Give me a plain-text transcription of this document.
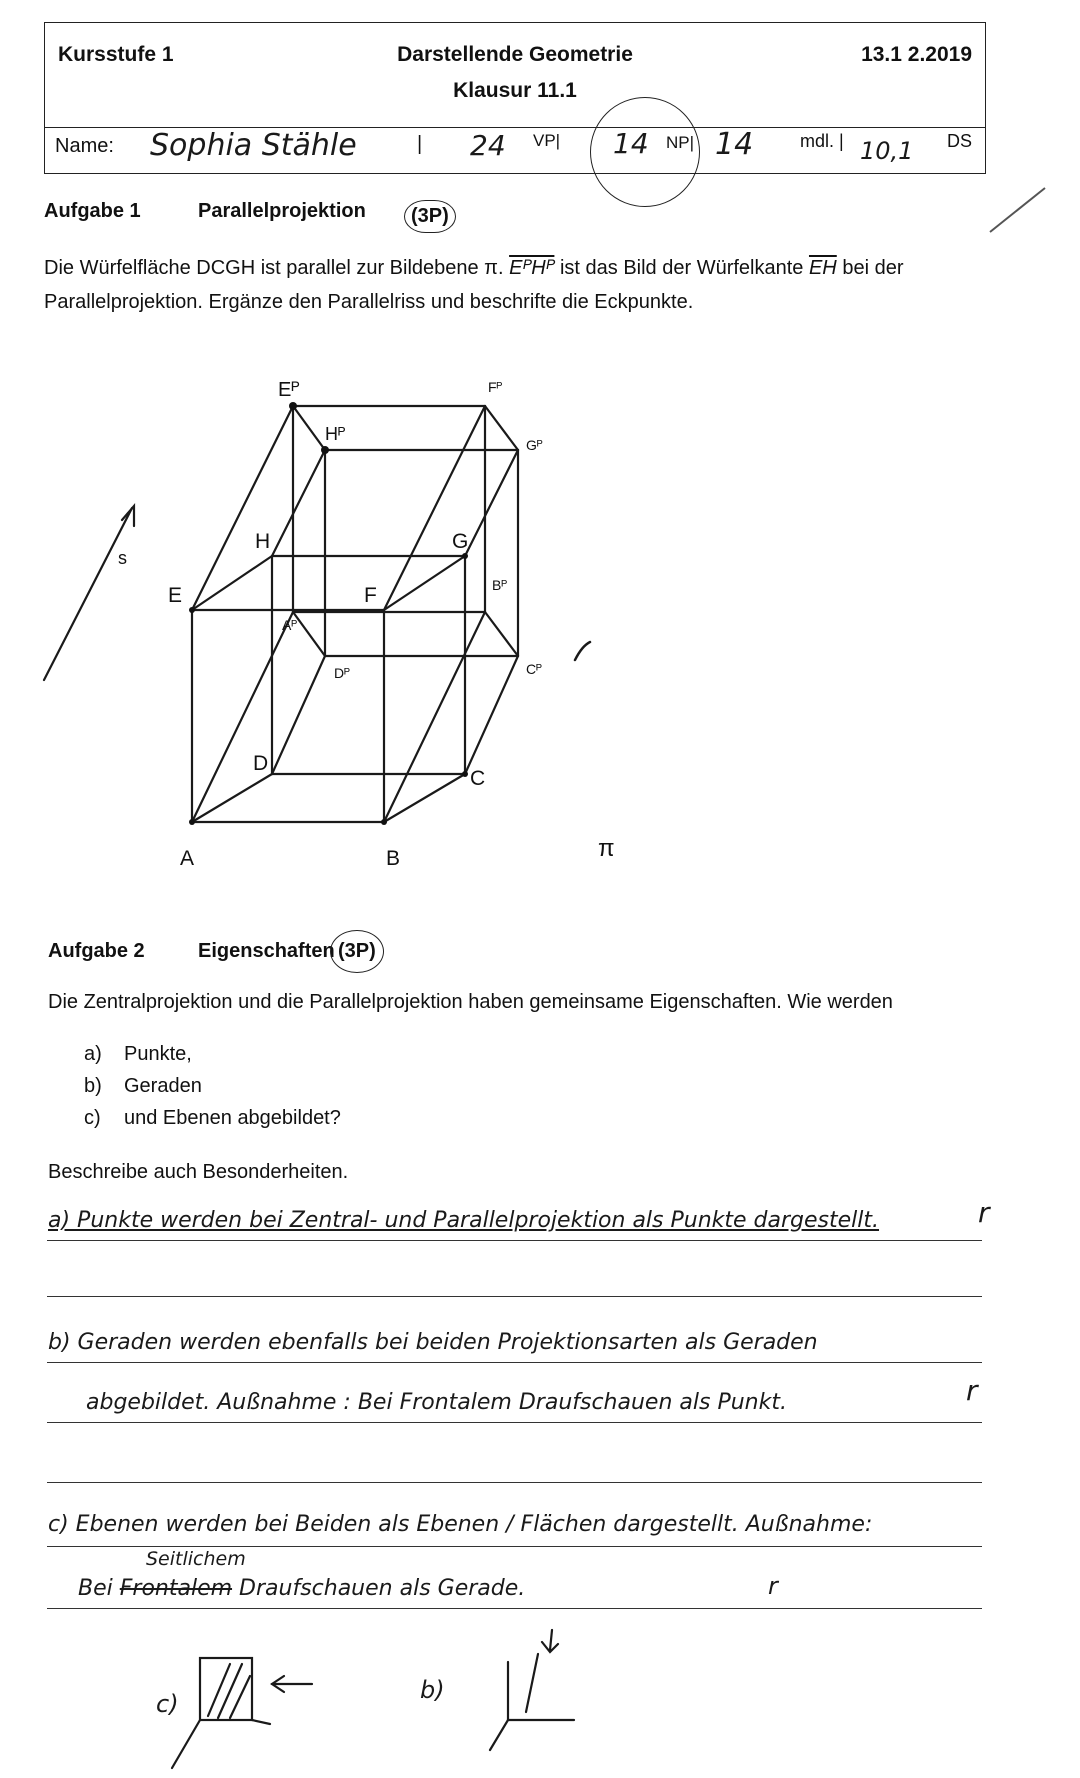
Kursstufe 1	Darstellende Geometrie
Klausur 11.1
13.1 2.2019
Name: Sophia Stähle	| 24 VP| 14 NP| 14	mdl. | 10,1 DS
Aufgabe 1	Parallelprojektion	(3P)
Die Würfelfläche DCGH ist parallel zur Bildebene π. EᴾHᴾ ist das Bild der Würfelkante $\overline{EH}$ bei der
Parallelprojektion. Ergänze den Parallelriss und beschrifte die Eckpunkte.
A	B
C
D
E	F
G
H
Eᴾ
Hᴾ
Fᴾ
Gᴾ
Aᴾ
Dᴾ
Bᴾ
Cᴾ
s
π
Aufgabe 2	Eigenschaften (3P)
Die Zentralprojektion und die Parallelprojektion haben gemeinsame Eigenschaften. Wie werden
a) Punkte,
b) Geraden
c) und Ebenen abgebildet?
Beschreibe auch Besonderheiten.
a) Punkte werden bei Zentral- und Parallelprojektion als Punkte dargestellt.	r
b) Geraden werden ebenfalls bei beiden Projektionsarten als Geraden
abgebildet. Außnahme : Bei Frontalem Draufschauen als Punkt.	r
c) Ebenen werden bei Beiden als Ebenen / Flächen dargestellt. Außnahme:
Seitlichem
Bei Frontalem Draufschauen als Gerade.	r
c)	b)
